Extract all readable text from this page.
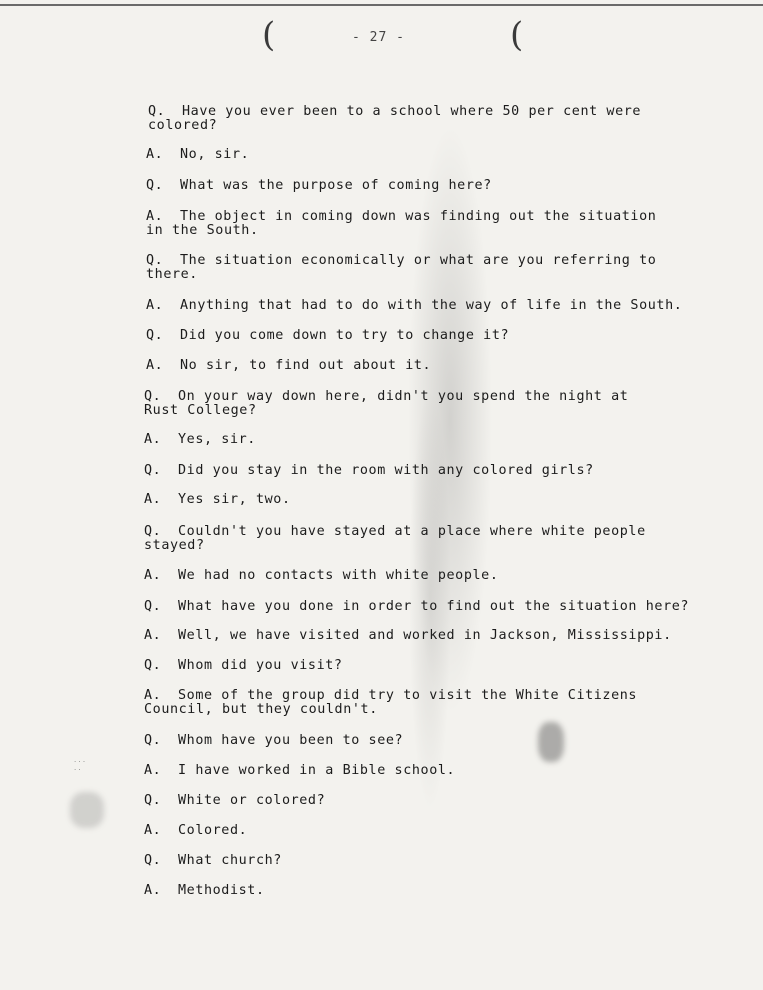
(	- 27 -	(
· · ·
· ·
Q. Have you ever been to a school where 50 per cent were
colored?
A. No, sir.
Q. What was the purpose of coming here?
A. The object in coming down was finding out the situation
in the South.
Q. The situation economically or what are you referring to
there.
A. Anything that had to do with the way of life in the South.
Q. Did you come down to try to change it?
A. No sir, to find out about it.
Q. On your way down here, didn't you spend the night at
Rust College?
A. Yes, sir.
Q. Did you stay in the room with any colored girls?
A. Yes sir, two.
Q. Couldn't you have stayed at a place where white people
stayed?
A. We had no contacts with white people.
Q. What have you done in order to find out the situation here?
A. Well, we have visited and worked in Jackson, Mississippi.
Q. Whom did you visit?
A. Some of the group did try to visit the White Citizens
Council, but they couldn't.
Q. Whom have you been to see?
A. I have worked in a Bible school.
Q. White or colored?
A. Colored.
Q. What church?
A. Methodist.
